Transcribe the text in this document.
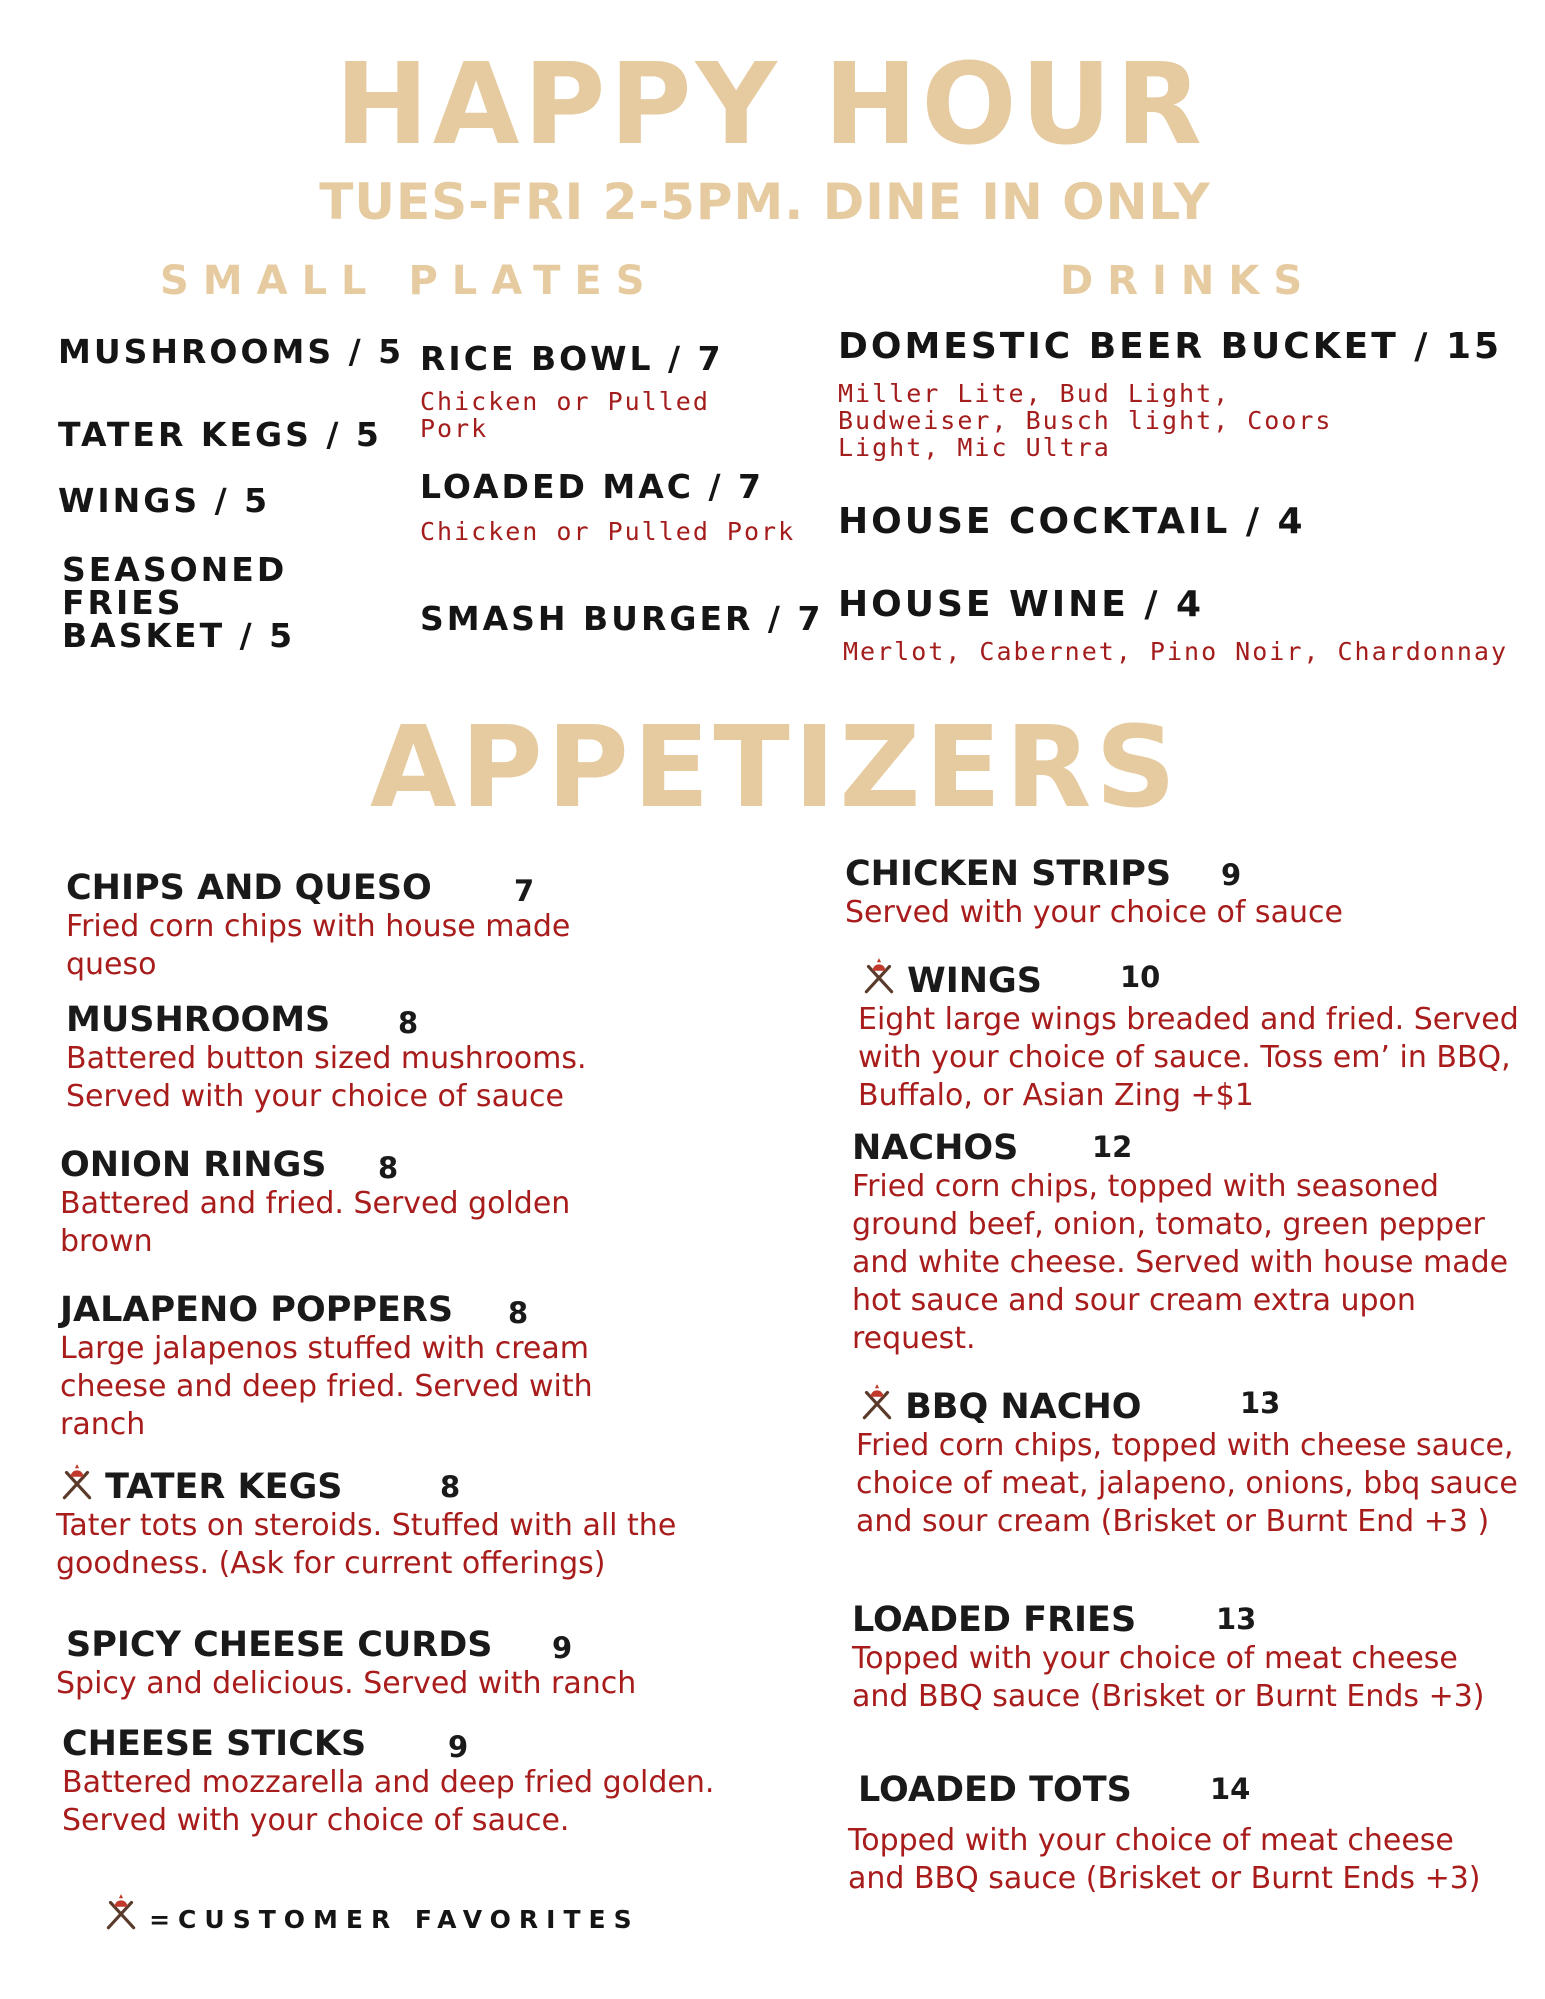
HAPPY HOUR
TUES-FRI 2-5PM. DINE IN ONLY
SMALL PLATES	DRINKS
MUSHROOMS / 5
TATER KEGS / 5
WINGS / 5
SEASONED FRIES BASKET / 5
RICE BOWL / 7
Chicken or Pulled Pork
LOADED MAC / 7
Chicken or Pulled Pork
SMASH BURGER / 7
DOMESTIC BEER BUCKET / 15
Miller Lite, Bud Light, Budweiser, Busch light, Coors Light, Mic Ultra
HOUSE COCKTAIL / 4
HOUSE WINE / 4
Merlot, Cabernet, Pino Noir, Chardonnay
APPETIZERS
CHIPS AND QUESO	7
Fried corn chips with house made queso
MUSHROOMS 8
Battered button sized mushrooms. Served with your choice of sauce
ONION RINGS 8
Battered and fried. Served golden brown
JALAPENO POPPERS 8
Large jalapenos stuffed with cream cheese and deep fried. Served with ranch
TATER KEGS	8
Tater tots on steroids. Stuffed with all the goodness. (Ask for current offerings)
SPICY CHEESE CURDS 9
Spicy and delicious. Served with ranch
CHEESE STICKS	9
Battered mozzarella and deep fried golden. Served with your choice of sauce.
CHICKEN STRIPS 9
Served with your choice of sauce
WINGS	10
Eight large wings breaded and fried. Served with your choice of sauce. Toss em’ in BBQ, Buffalo, or Asian Zing +$1
NACHOS	12
Fried corn chips, topped with seasoned ground beef, onion, tomato, green pepper and white cheese. Served with house made hot sauce and sour cream extra upon request.
BBQ NACHO	13
Fried corn chips, topped with cheese sauce, choice of meat, jalapeno, onions, bbq sauce and sour cream (Brisket or Burnt End +3 )
LOADED FRIES	13
Topped with your choice of meat cheese and BBQ sauce (Brisket or Burnt Ends +3)
LOADED TOTS	14
Topped with your choice of meat cheese and BBQ sauce (Brisket or Burnt Ends +3)
=CUSTOMER FAVORITES
